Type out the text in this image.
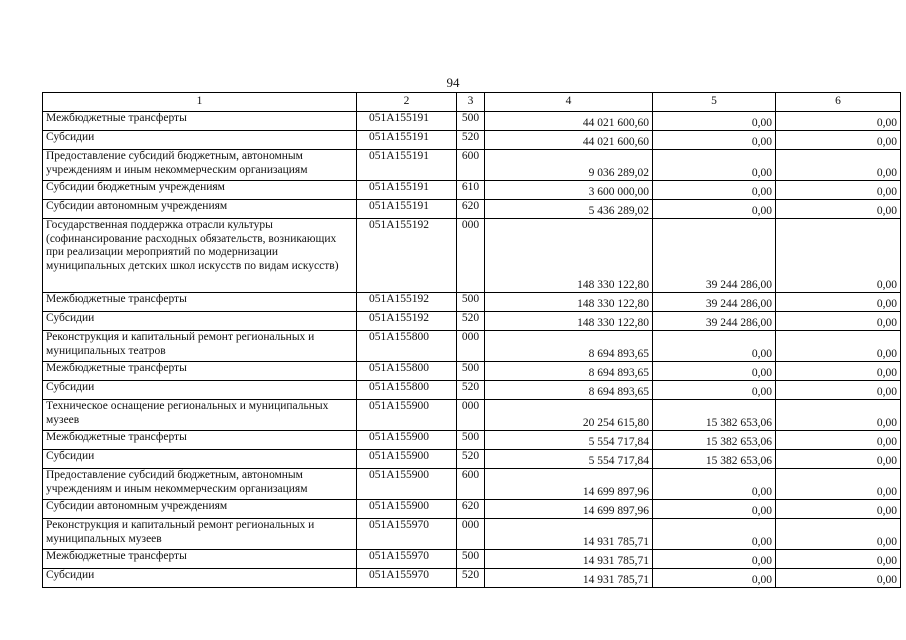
94
1	2	3	4	5	6
Межбюджетные трансферты	051A155191	500	44 021 600,60	0,00	0,00
Субсидии	051A155191	520	44 021 600,60	0,00	0,00
Предоставление субсидий бюджетным, автономным учреждениям и иным некоммерческим организациям	051A155191	600	9 036 289,02	0,00	0,00
Субсидии бюджетным учреждениям	051A155191	610	3 600 000,00	0,00	0,00
Субсидии автономным учреждениям	051A155191	620	5 436 289,02	0,00	0,00
Государственная поддержка отрасли культуры (софинансирование расходных обязательств, возникающих при реализации мероприятий по модернизации муниципальных детских школ искусств по видам искусств)	051A155192	000	148 330 122,80	39 244 286,00	0,00
Межбюджетные трансферты	051A155192	500	148 330 122,80	39 244 286,00	0,00
Субсидии	051A155192	520	148 330 122,80	39 244 286,00	0,00
Реконструкция и капитальный ремонт региональных и муниципальных театров	051A155800	000	8 694 893,65	0,00	0,00
Межбюджетные трансферты	051A155800	500	8 694 893,65	0,00	0,00
Субсидии	051A155800	520	8 694 893,65	0,00	0,00
Техническое оснащение региональных и муниципальных музеев	051A155900	000	20 254 615,80	15 382 653,06	0,00
Межбюджетные трансферты	051A155900	500	5 554 717,84	15 382 653,06	0,00
Субсидии	051A155900	520	5 554 717,84	15 382 653,06	0,00
Предоставление субсидий бюджетным, автономным учреждениям и иным некоммерческим организациям	051A155900	600	14 699 897,96	0,00	0,00
Субсидии автономным учреждениям	051A155900	620	14 699 897,96	0,00	0,00
Реконструкция и капитальный ремонт региональных и муниципальных музеев	051A155970	000	14 931 785,71	0,00	0,00
Межбюджетные трансферты	051A155970	500	14 931 785,71	0,00	0,00
Субсидии	051A155970	520	14 931 785,71	0,00	0,00
